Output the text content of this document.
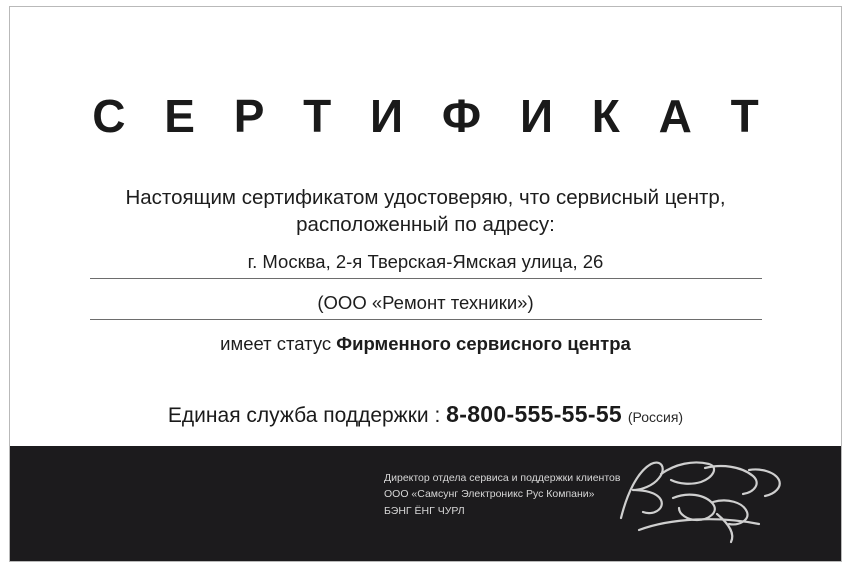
С Е Р Т И Ф И К А Т
Настоящим сертификатом удостоверяю, что сервисный центр,
расположенный по адресу:
г. Москва, 2-я Тверская-Ямская улица, 26
(ООО «Ремонт техники»)
имеет статус Фирменного сервисного центра
Единая служба поддержки : 8-800-555-55-55 (Россия)
Директор отдела сервиса и поддержки клиентов
ООО «Самсунг Электроникс Рус Компани»
БЭНГ ЁНГ ЧУРЛ
